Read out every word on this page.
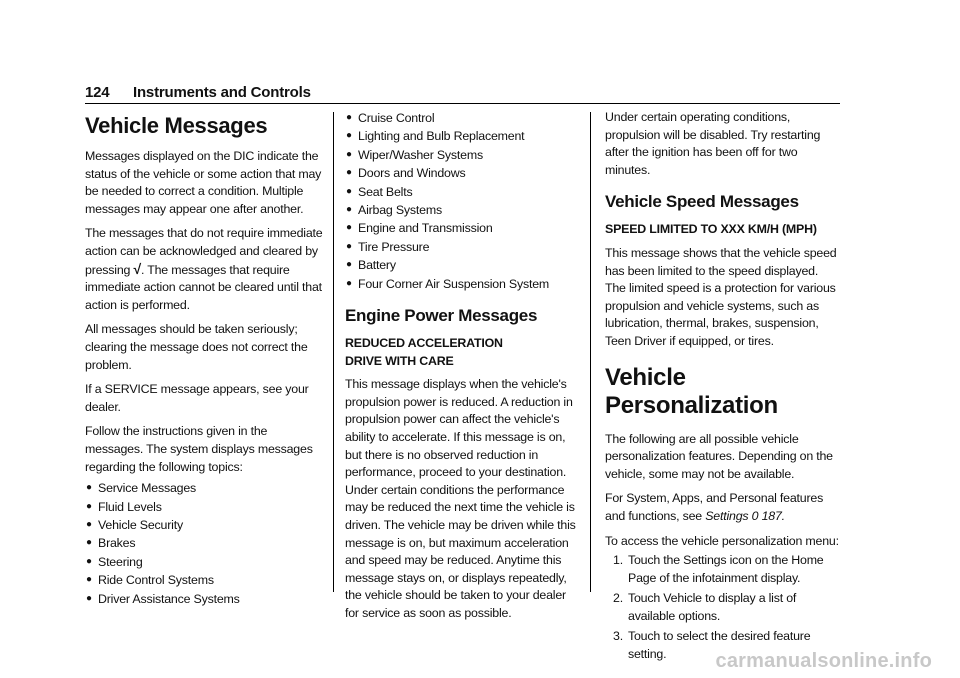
124 Instruments and Controls
Vehicle Messages

Messages displayed on the DIC indicate the status of the vehicle or some action that may be needed to correct a condition. Multiple messages may appear one after another.

The messages that do not require immediate action can be acknowledged and cleared by pressing √. The messages that require immediate action cannot be cleared until that action is performed.

All messages should be taken seriously; clearing the message does not correct the problem.

If a SERVICE message appears, see your dealer.

Follow the instructions given in the messages. The system displays messages regarding the following topics:

● Service Messages
● Fluid Levels
● Vehicle Security
● Brakes
● Steering
● Ride Control Systems
● Driver Assistance Systems
● Cruise Control
● Lighting and Bulb Replacement
● Wiper/Washer Systems
● Doors and Windows
● Seat Belts
● Airbag Systems
● Engine and Transmission
● Tire Pressure
● Battery
● Four Corner Air Suspension System
Engine Power Messages
REDUCED ACCELERATION DRIVE WITH CARE

This message displays when the vehicle's propulsion power is reduced. A reduction in propulsion power can affect the vehicle's ability to accelerate. If this message is on, but there is no observed reduction in performance, proceed to your destination. Under certain conditions the performance may be reduced the next time the vehicle is driven. The vehicle may be driven while this message is on, but maximum acceleration and speed may be reduced. Anytime this message stays on, or displays repeatedly, the vehicle should be taken to your dealer for service as soon as possible.

Under certain operating conditions, propulsion will be disabled. Try restarting after the ignition has been off for two minutes.

Vehicle Speed Messages
SPEED LIMITED TO XXX KM/H (MPH)

This message shows that the vehicle speed has been limited to the speed displayed. The limited speed is a protection for various propulsion and vehicle systems, such as lubrication, thermal, brakes, suspension, Teen Driver if equipped, or tires.

Vehicle Personalization

The following are all possible vehicle personalization features. Depending on the vehicle, some may not be available.

For System, Apps, and Personal features and functions, see Settings 0 187.

To access the vehicle personalization menu:

1. Touch the Settings icon on the Home Page of the infotainment display.
2. Touch Vehicle to display a list of available options.
3. Touch to select the desired feature setting.	carmanualsonline.info
